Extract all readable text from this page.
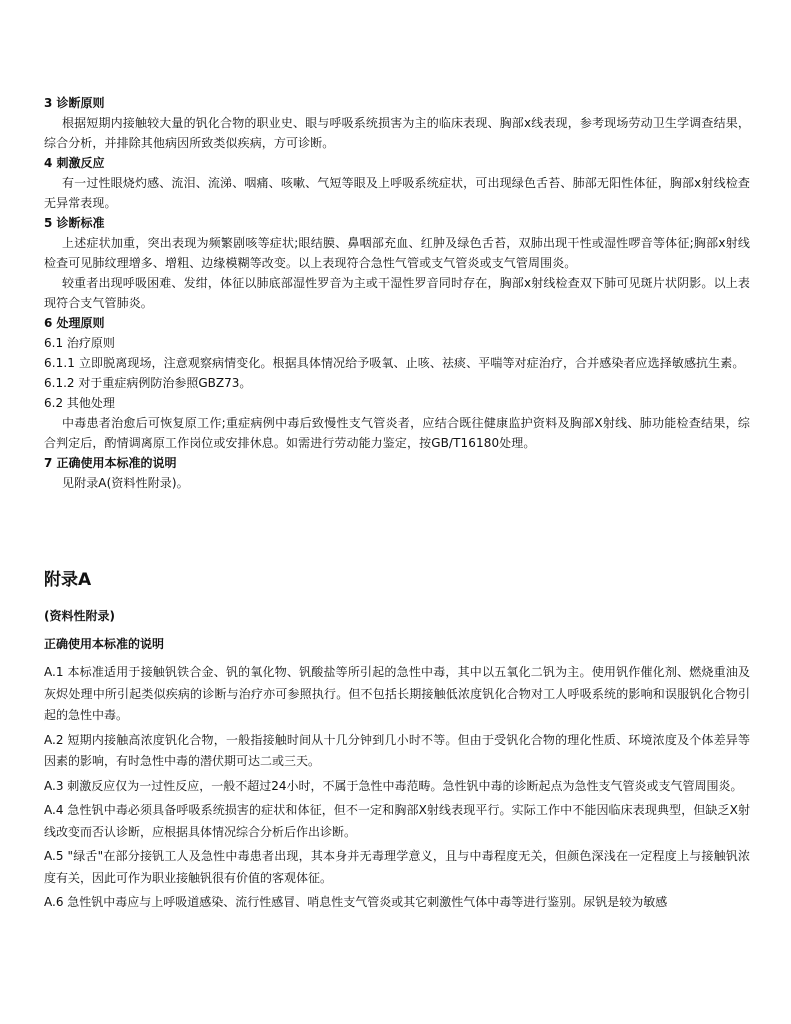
3 诊断原则

根据短期内接触较大量的钒化合物的职业史、眼与呼吸系统损害为主的临床表现、胸部x线表现，参考现场劳动卫生学调查结果，综合分析，并排除其他病因所致类似疾病，方可诊断。

4 刺激反应

有一过性眼烧灼感、流泪、流涕、咽痛、咳嗽、气短等眼及上呼吸系统症状，可出现绿色舌苔、肺部无阳性体征，胸部x射线检查无异常表现。

5 诊断标准

上述症状加重，突出表现为频繁剧咳等症状;眼结膜、鼻咽部充血、红肿及绿色舌苔，双肺出现干性或湿性啰音等体征;胸部x射线检查可见肺纹理增多、增粗、边缘模糊等改变。以上表现符合急性气管或支气管炎或支气管周围炎。

较重者出现呼吸困难、发绀，体征以肺底部湿性罗音为主或干湿性罗音同时存在，胸部x射线检查双下肺可见斑片状阴影。以上表现符合支气管肺炎。

6 处理原则

6.1 治疗原则

6.1.1 立即脱离现场，注意观察病情变化。根据具体情况给予吸氧、止咳、祛痰、平喘等对症治疗，合并感染者应选择敏感抗生素。

6.1.2 对于重症病例防治参照GBZ73。

6.2 其他处理

中毒患者治愈后可恢复原工作;重症病例中毒后致慢性支气管炎者，应结合既往健康监护资料及胸部X射线、肺功能检查结果，综合判定后，酌情调离原工作岗位或安排休息。如需进行劳动能力鉴定，按GB/T16180处理。

7 正确使用本标准的说明

见附录A(资料性附录)。

附录A

(资料性附录)

正确使用本标准的说明

A.1 本标准适用于接触钒铁合金、钒的氧化物、钒酸盐等所引起的急性中毒，其中以五氧化二钒为主。使用钒作催化剂、燃烧重油及灰烬处理中所引起类似疾病的诊断与治疗亦可参照执行。但不包括长期接触低浓度钒化合物对工人呼吸系统的影响和误服钒化合物引起的急性中毒。

A.2 短期内接触高浓度钒化合物，一般指接触时间从十几分钟到几小时不等。但由于受钒化合物的理化性质、环境浓度及个体差异等因素的影响，有时急性中毒的潜伏期可达二或三天。

A.3 刺激反应仅为一过性反应，一般不超过24小时，不属于急性中毒范畴。急性钒中毒的诊断起点为急性支气管炎或支气管周围炎。

A.4 急性钒中毒必须具备呼吸系统损害的症状和体征，但不一定和胸部X射线表现平行。实际工作中不能因临床表现典型，但缺乏X射线改变而否认诊断，应根据具体情况综合分析后作出诊断。

A.5 "绿舌"在部分接钒工人及急性中毒患者出现，其本身并无毒理学意义，且与中毒程度无关，但颜色深浅在一定程度上与接触钒浓度有关，因此可作为职业接触钒很有价值的客观体征。

A.6 急性钒中毒应与上呼吸道感染、流行性感冒、哨息性支气管炎或其它刺激性气体中毒等进行鉴别。尿钒是较为敏感
